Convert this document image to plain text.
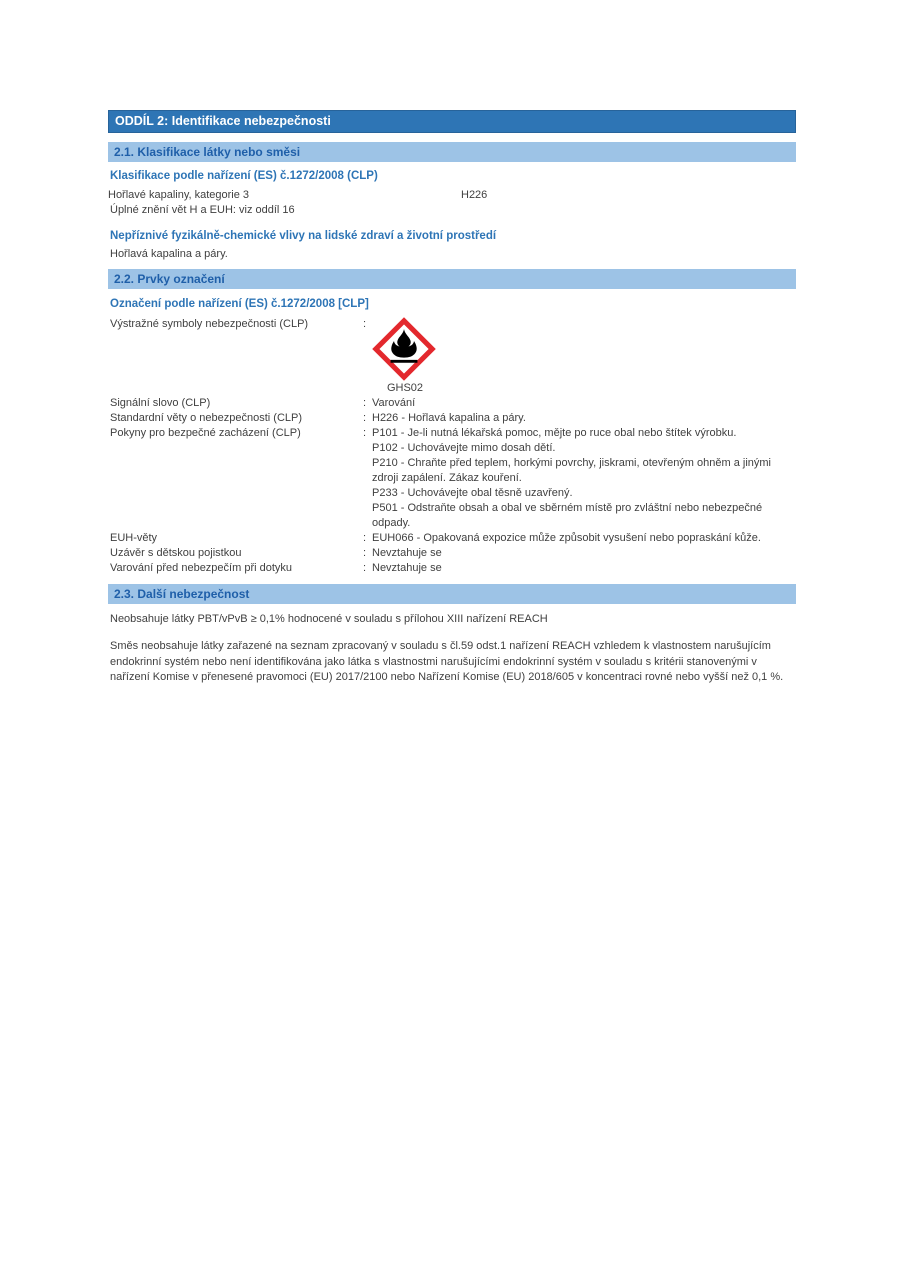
ODDÍL 2: Identifikace nebezpečnosti
2.1. Klasifikace látky nebo směsi
Klasifikace podle nařízení (ES) č.1272/2008 (CLP)
Hořlavé kapaliny, kategorie 3	H226
Úplné znění vět H a EUH: viz oddíl 16
Nepříznivé fyzikálně-chemické vlivy na lidské zdraví a životní prostředí
Hořlavá kapalina a páry.
2.2. Prvky označení
Označení podle nařízení (ES) č.1272/2008 [CLP]
Výstražné symboly nebezpečnosti (CLP)	:
GHS02
Signální slovo (CLP)	: Varování
Standardní věty o nebezpečnosti (CLP)	: H226 - Hořlavá kapalina a páry.
Pokyny pro bezpečné zacházení (CLP)	: P101 - Je-li nutná lékařská pomoc, mějte po ruce obal nebo štítek výrobku.
P102 - Uchovávejte mimo dosah dětí.
P210 - Chraňte před teplem, horkými povrchy, jiskrami, otevřeným ohněm a jinými zdroji zapálení. Zákaz kouření.
P233 - Uchovávejte obal těsně uzavřený.
P501 - Odstraňte obsah a obal ve sběrném místě pro zvláštní nebo nebezpečné odpady.
EUH-věty	: EUH066 - Opakovaná expozice může způsobit vysušení nebo popraskání kůže.
Uzávěr s dětskou pojistkou	: Nevztahuje se
Varování před nebezpečím při dotyku	: Nevztahuje se
2.3. Další nebezpečnost
Neobsahuje látky PBT/vPvB ≥ 0,1% hodnocené v souladu s přílohou XIII nařízení REACH
Směs neobsahuje látky zařazené na seznam zpracovaný v souladu s čl.59 odst.1 nařízení REACH vzhledem k vlastnostem narušujícím endokrinní systém nebo není identifikována jako látka s vlastnostmi narušujícími endokrinní systém v souladu s kritérii stanovenými v nařízení Komise v přenesené pravomoci (EU) 2017/2100 nebo Nařízení Komise (EU) 2018/605 v koncentraci rovné nebo vyšší než 0,1 %.
